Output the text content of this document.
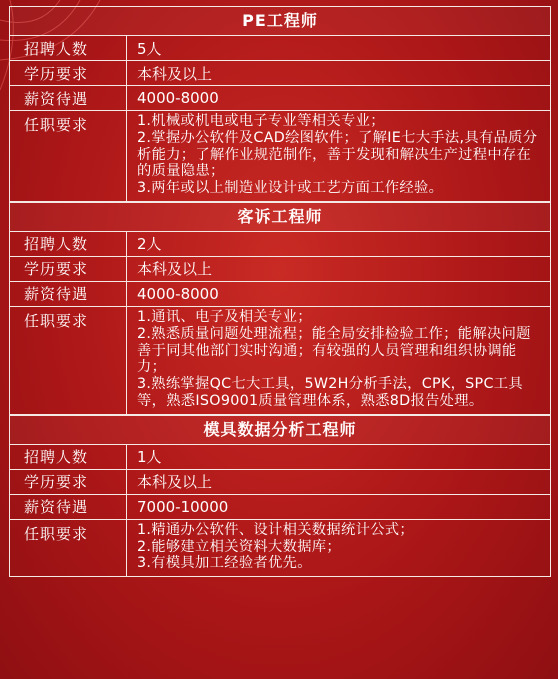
PE工程师
招聘人数	5人
学历要求	本科及以上
薪资待遇	4000-8000
任职要求	1.机械或机电或电子专业等相关专业；
2.掌握办公软件及CAD绘图软件；了解IE七大手法,具有品质分析能力；了解作业规范制作，善于发现和解决生产过程中存在的质量隐患；
3.两年或以上制造业设计或工艺方面工作经验。
客诉工程师
招聘人数	2人
学历要求	本科及以上
薪资待遇	4000-8000
任职要求	1.通讯、电子及相关专业；
2.熟悉质量问题处理流程；能全局安排检验工作；能解决问题善于同其他部门实时沟通；有较强的人员管理和组织协调能力；
3.熟练掌握QC七大工具，5W2H分析手法，CPK，SPC工具等，熟悉ISO9001质量管理体系，熟悉8D报告处理。
模具数据分析工程师
招聘人数	1人
学历要求	本科及以上
薪资待遇	7000-10000
任职要求	1.精通办公软件、设计相关数据统计公式；
2.能够建立相关资料大数据库；
3.有模具加工经验者优先。
